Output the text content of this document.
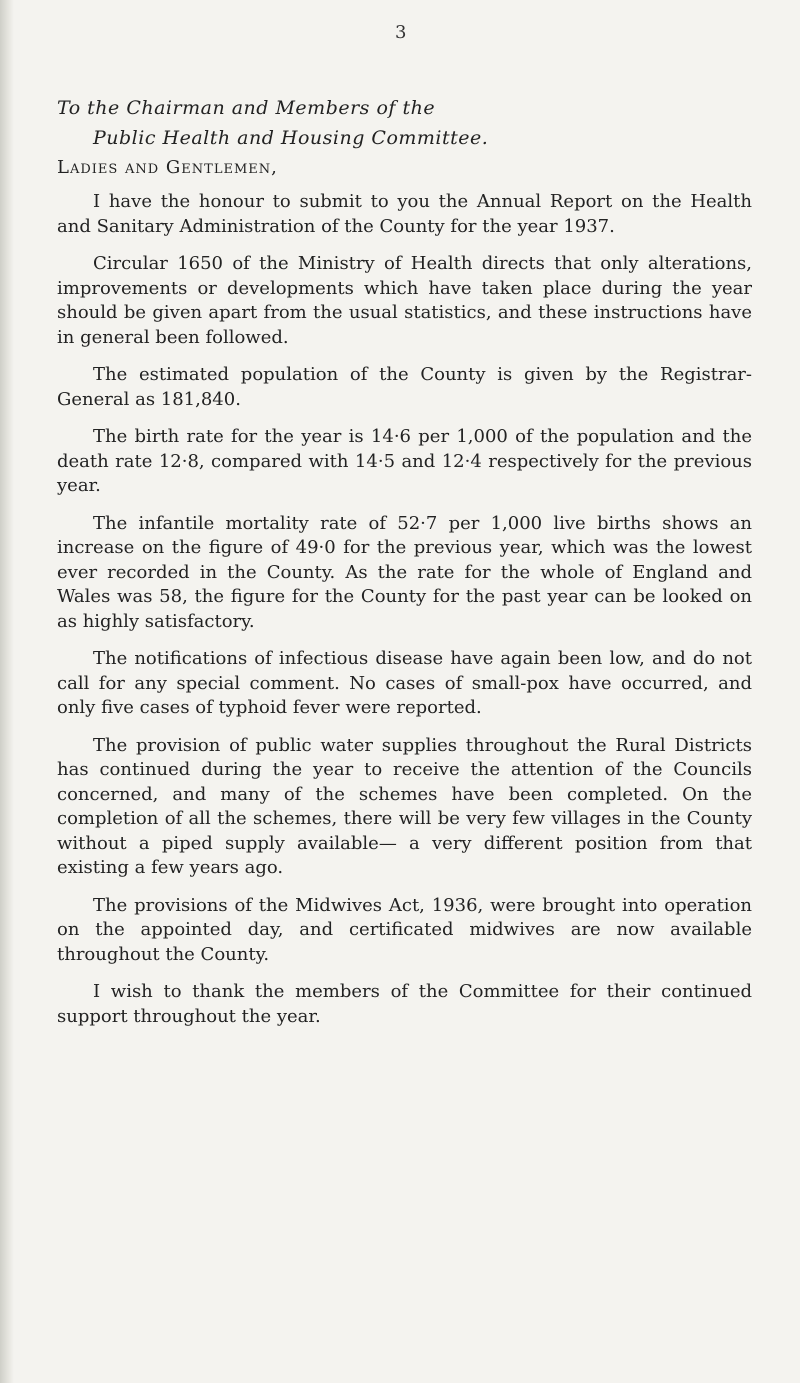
3
To the Chairman and Members of the
Public Health and Housing Committee.
Ladies and Gentlemen,

I have the honour to submit to you the Annual Report on the Health and Sanitary Administration of the County for the year 1937.

Circular 1650 of the Ministry of Health directs that only alterations, improvements or developments which have taken place during the year should be given apart from the usual statistics, and these instructions have in general been followed.

The estimated population of the County is given by the Registrar-General as 181,840.

The birth rate for the year is 14·6 per 1,000 of the population and the death rate 12·8, compared with 14·5 and 12·4 respectively for the previous year.

The infantile mortality rate of 52·7 per 1,000 live births shows an increase on the figure of 49·0 for the previous year, which was the lowest ever recorded in the County. As the rate for the whole of England and Wales was 58, the figure for the County for the past year can be looked on as highly satisfactory.

The notifications of infectious disease have again been low, and do not call for any special comment. No cases of small-pox have occurred, and only five cases of typhoid fever were reported.

The provision of public water supplies throughout the Rural Districts has continued during the year to receive the attention of the Councils concerned, and many of the schemes have been completed. On the completion of all the schemes, there will be very few villages in the County without a piped supply available— a very different position from that existing a few years ago.

The provisions of the Midwives Act, 1936, were brought into operation on the appointed day, and certificated midwives are now available throughout the County.

I wish to thank the members of the Committee for their continued support throughout the year.
